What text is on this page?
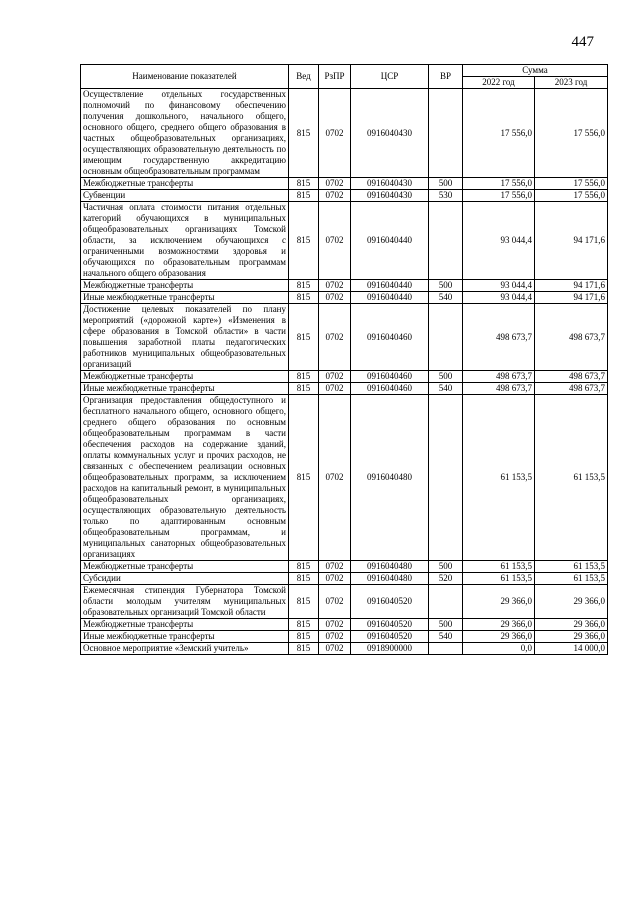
447
Наименование показателей	Вед	РзПР	ЦСР	ВР	Сумма	
					2022 год	2023 год
Осуществление отдельных государственных полномочий по финансовому обеспечению получения дошкольного, начального общего, основного общего, среднего общего образования в частных общеобразовательных организациях, осуществляющих образовательную деятельность по имеющим государственную аккредитацию основным общеобразовательным программам	815	0702	0916040430		17 556,0	17 556,0
Межбюджетные трансферты	815	0702	0916040430	500	17 556,0	17 556,0
Субвенции	815	0702	0916040430	530	17 556,0	17 556,0
Частичная оплата стоимости питания отдельных категорий обучающихся в муниципальных общеобразовательных организациях Томской области, за исключением обучающихся с ограниченными возможностями здоровья и обучающихся по образовательным программам начального общего образования	815	0702	0916040440		93 044,4	94 171,6
Межбюджетные трансферты	815	0702	0916040440	500	93 044,4	94 171,6
Иные межбюджетные трансферты	815	0702	0916040440	540	93 044,4	94 171,6
Достижение целевых показателей по плану мероприятий («дорожной карте») «Изменения в сфере образования в Томской области» в части повышения заработной платы педагогических работников муниципальных общеобразовательных организаций	815	0702	0916040460		498 673,7	498 673,7
Межбюджетные трансферты	815	0702	0916040460	500	498 673,7	498 673,7
Иные межбюджетные трансферты	815	0702	0916040460	540	498 673,7	498 673,7
Организация предоставления общедоступного и бесплатного начального общего, основного общего, среднего общего образования по основным общеобразовательным программам в части обеспечения расходов на содержание зданий, оплаты коммунальных услуг и прочих расходов, не связанных с обеспечением реализации основных общеобразовательных программ, за исключением расходов на капитальный ремонт, в муниципальных общеобразовательных организациях, осуществляющих образовательную деятельность только по адаптированным основным общеобразовательным программам, и муниципальных санаторных общеобразовательных организациях	815	0702	0916040480		61 153,5	61 153,5
Межбюджетные трансферты	815	0702	0916040480	500	61 153,5	61 153,5
Субсидии	815	0702	0916040480	520	61 153,5	61 153,5
Ежемесячная стипендия Губернатора Томской области молодым учителям муниципальных образовательных организаций Томской области	815	0702	0916040520		29 366,0	29 366,0
Межбюджетные трансферты	815	0702	0916040520	500	29 366,0	29 366,0
Иные межбюджетные трансферты	815	0702	0916040520	540	29 366,0	29 366,0
Основное мероприятие «Земский учитель»	815	0702	0918900000		0,0	14 000,0
